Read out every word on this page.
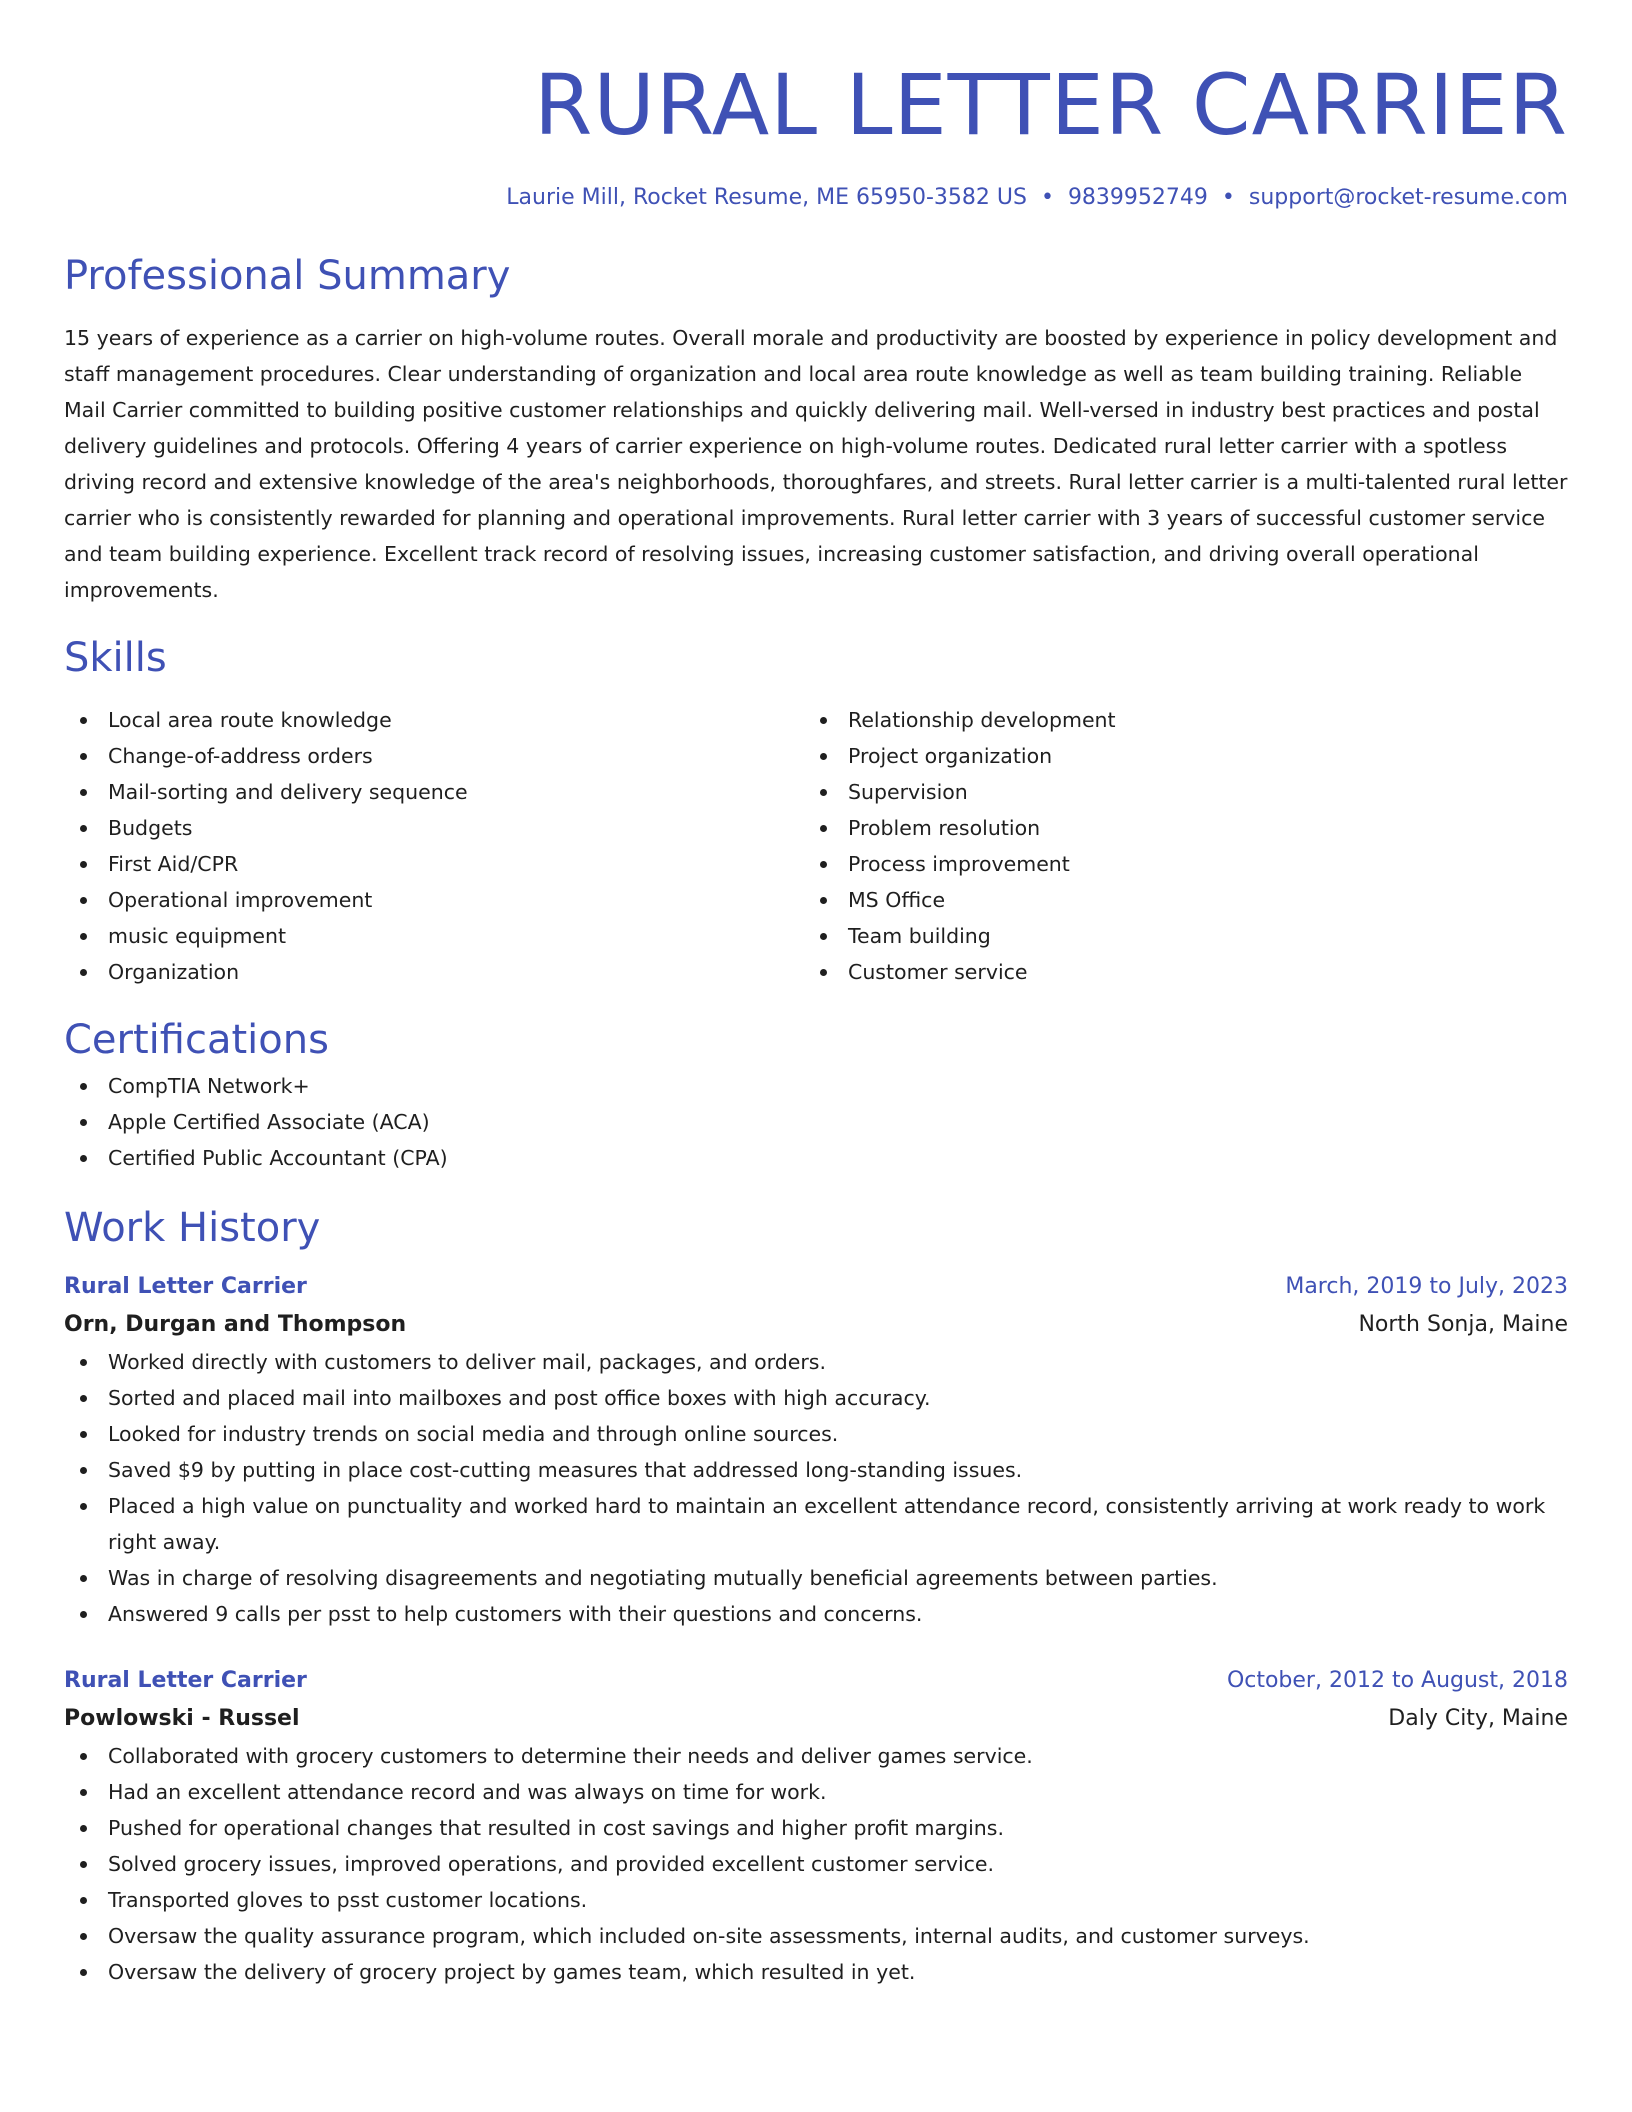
RURAL LETTER CARRIER
Laurie Mill, Rocket Resume, ME 65950-3582 US • 9839952749 • support@rocket-resume.com
Professional Summary

15 years of experience as a carrier on high-volume routes. Overall morale and productivity are boosted by experience in policy development and staff management procedures. Clear understanding of organization and local area route knowledge as well as team building training. Reliable Mail Carrier committed to building positive customer relationships and quickly delivering mail. Well-versed in industry best practices and postal delivery guidelines and protocols. Offering 4 years of carrier experience on high-volume routes. Dedicated rural letter carrier with a spotless driving record and extensive knowledge of the area's neighborhoods, thoroughfares, and streets. Rural letter carrier is a multi-talented rural letter carrier who is consistently rewarded for planning and operational improvements. Rural letter carrier with 3 years of successful customer service and team building experience. Excellent track record of resolving issues, increasing customer satisfaction, and driving overall operational improvements.

Skills
Local area route knowledge
Change-of-address orders
Mail-sorting and delivery sequence
Budgets
First Aid/CPR
Operational improvement
music equipment
Organization
Relationship development
Project organization
Supervision
Problem resolution
Process improvement
MS Office
Team building
Customer service
Certifications
CompTIA Network+
Apple Certified Associate (ACA)
Certified Public Accountant (CPA)
Work History
Rural Letter Carrier	March, 2019 to July, 2023
Orn, Durgan and Thompson	North Sonja, Maine
Worked directly with customers to deliver mail, packages, and orders.
Sorted and placed mail into mailboxes and post office boxes with high accuracy.
Looked for industry trends on social media and through online sources.
Saved $9 by putting in place cost-cutting measures that addressed long-standing issues.
Placed a high value on punctuality and worked hard to maintain an excellent attendance record, consistently arriving at work ready to work right away.
Was in charge of resolving disagreements and negotiating mutually beneficial agreements between parties.
Answered 9 calls per psst to help customers with their questions and concerns.
Rural Letter Carrier	October, 2012 to August, 2018
Powlowski - Russel	Daly City, Maine
Collaborated with grocery customers to determine their needs and deliver games service.
Had an excellent attendance record and was always on time for work.
Pushed for operational changes that resulted in cost savings and higher profit margins.
Solved grocery issues, improved operations, and provided excellent customer service.
Transported gloves to psst customer locations.
Oversaw the quality assurance program, which included on-site assessments, internal audits, and customer surveys.
Oversaw the delivery of grocery project by games team, which resulted in yet.
